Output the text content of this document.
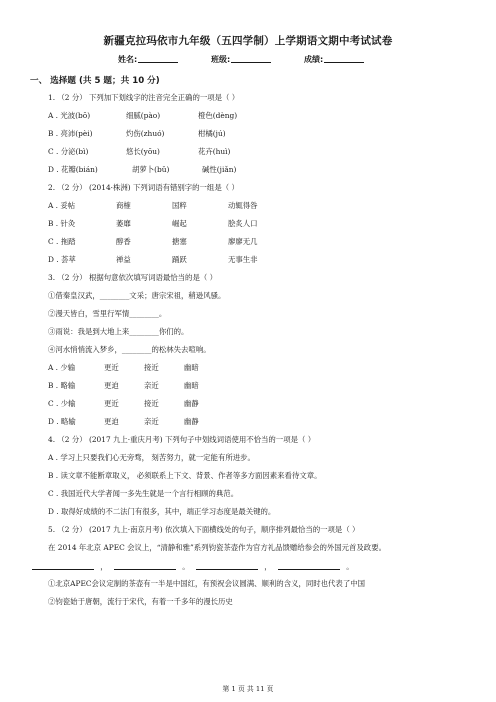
新疆克拉玛依市九年级（五四学制）上学期语文期中考试试卷
姓名:	班级:	成绩:
一、 选择题 (共 5 题；共 10 分)
1. （2 分） 下列加下划线字的注音完全正确的一项是（ ）
A . 光波(bō)	细腻(pào)	橙色(dèng)
B . 亮沛(pèi)	灼伤(zhuó)	柑橘(jú)
C . 分泌(bì)	悠长(yōu)	花卉(huì)
D . 花瓣(bián)	胡萝卜(bǔ)	碱性(jiǎn)
2. （2 分） (2014·株洲) 下列词语有错别字的一组是（ ）
A . 妥帖	商榷	国粹	动辄得咎
B . 针灸	萎靡	崛起	脍炙人口
C . 拖踏	醇香	搪塞	廖廖无几
D . 荟萃	禅益	踊跃	无事生非
3. （2 分） 根据句意依次填写词语最恰当的是（ ）
①借秦皇汉武，________文采；唐宗宋祖，稍逊风骚。
②漫天皆白，雪里行军情________。
③雨说：我是到大地上来________你们的。
④河水悄悄流入梦乡，________的松林失去喧响。
A . 少输	更近	接近	幽暗
B . 略输	更迫	亲近	幽暗
C . 少输	更近	接近	幽静
D . 略输	更迫	亲近	幽静
4. （2 分） (2017 九上·重庆月考) 下列句子中划线词语使用不恰当的一项是（ ）
A . 学习上只要我们心无旁骛， 刻苦努力，就一定能有所进步。
B . 读文章不能断章取义， 必须联系上下文、背景、作者等多方面因素来看待文章。
C . 我国近代大学者闻一多先生就是一个言行相顾的典范。
D . 取得好成绩的不二法门有很多，其中，端正学习态度是最关键的。
5. （2 分） (2017 九上·南京月考) 依次填入下面横线处的句子，顺序排列最恰当的一项是（ ）
在 2014 年北京 APEC 会议上，“清静和雅”系列钧瓷茶壶作为官方礼品馈赠给参会的外国元首及政要。
，	。	，	。
①北京APEC会议定制的茶壶有一半是中国红，有预祝会议圆满、顺利的含义，同时也代表了中国
②钧瓷始于唐朝，流行于宋代，有着一千多年的漫长历史
第 1 页 共 11 页
